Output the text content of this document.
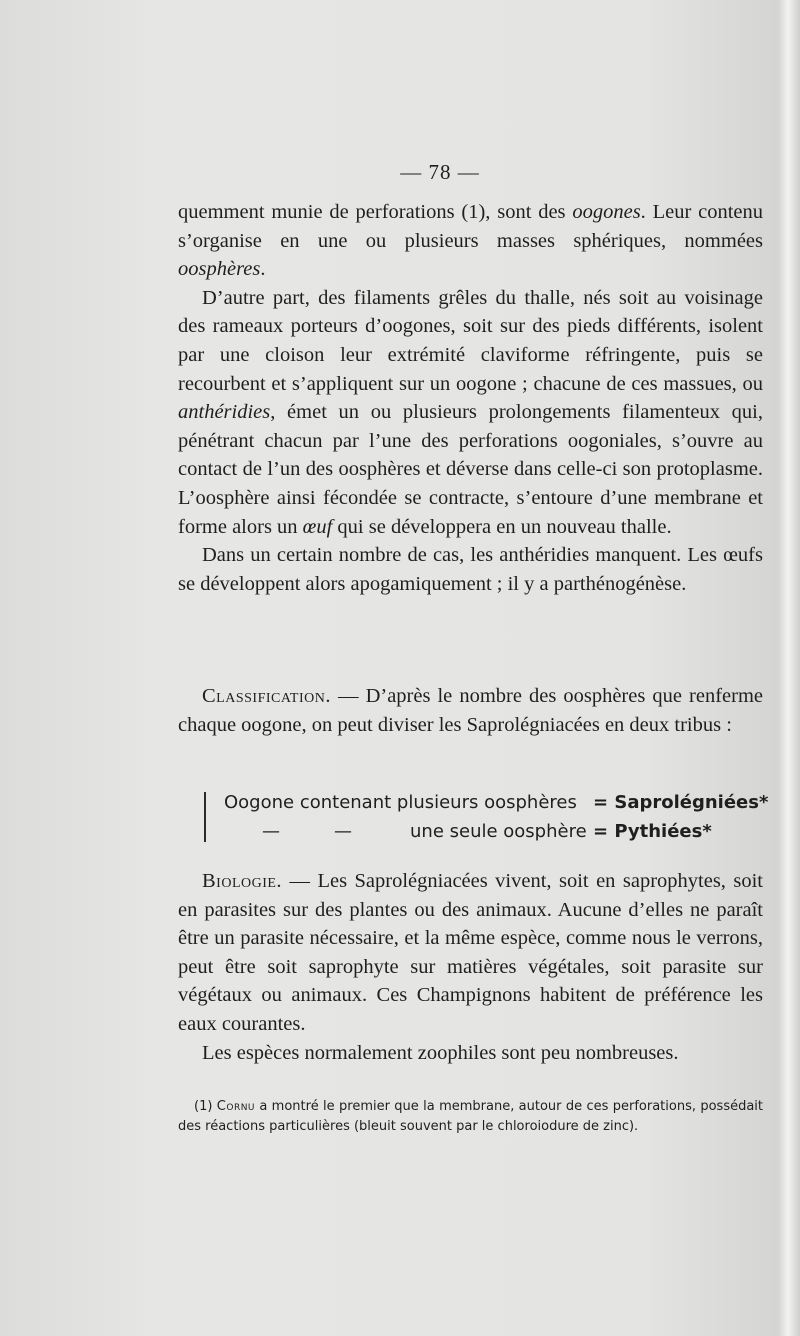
— 78 —

quemment munie de perforations (1), sont des oogones. Leur contenu s’organise en une ou plusieurs masses sphériques, nommées oosphères.

D’autre part, des filaments grêles du thalle, nés soit au voisinage des rameaux porteurs d’oogones, soit sur des pieds différents, isolent par une cloison leur extrémité claviforme réfringente, puis se recourbent et s’appliquent sur un oogone ; chacune de ces massues, ou anthéridies, émet un ou plusieurs prolongements filamenteux qui, pénétrant chacun par l’une des perforations oogoniales, s’ouvre au contact de l’un des oosphères et déverse dans celle-ci son protoplasme. L’oosphère ainsi fécondée se contracte, s’entoure d’une membrane et forme alors un œuf qui se développera en un nouveau thalle.

Dans un certain nombre de cas, les anthéridies manquent. Les œufs se développent alors apogamiquement ; il y a parthénogénèse.

Classification. — D’après le nombre des oosphères que renferme chaque oogone, on peut diviser les Saprolégniacées en deux tribus :

Oogone contenant plusieurs oosphères = Saprolégniées*
—	—	une seule oosphère = Pythiées*

Biologie. — Les Saprolégniacées vivent, soit en saprophytes, soit en parasites sur des plantes ou des animaux. Aucune d’elles ne paraît être un parasite nécessaire, et la même espèce, comme nous le verrons, peut être soit saprophyte sur matières végétales, soit parasite sur végétaux ou animaux. Ces Champignons habitent de préférence les eaux courantes.

Les espèces normalement zoophiles sont peu nombreuses.

(1) Cornu a montré le premier que la membrane, autour de ces perforations, possédait des réactions particulières (bleuit souvent par le chloroiodure de zinc).
